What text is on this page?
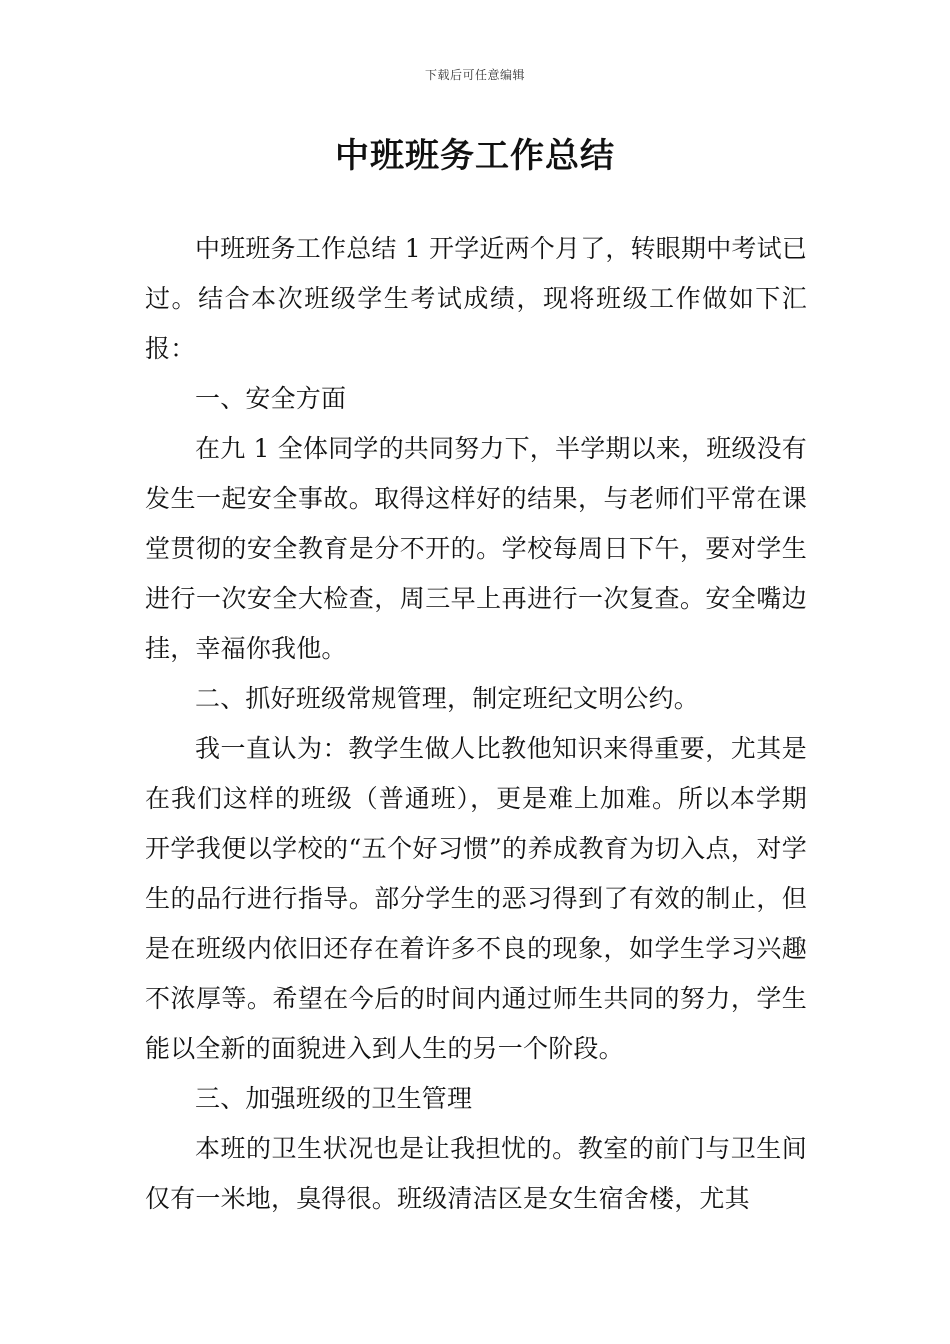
下载后可任意编辑
中班班务工作总结

中班班务工作总结 1 开学近两个月了，转眼期中考试已过。结合本次班级学生考试成绩，现将班级工作做如下汇报：

一、安全方面

在九 1 全体同学的共同努力下，半学期以来，班级没有发生一起安全事故。取得这样好的结果，与老师们平常在课堂贯彻的安全教育是分不开的。学校每周日下午，要对学生进行一次安全大检查，周三早上再进行一次复查。安全嘴边挂，幸福你我他。

二、抓好班级常规管理，制定班纪文明公约。

我一直认为：教学生做人比教他知识来得重要，尤其是在我们这样的班级（普通班），更是难上加难。所以本学期开学我便以学校的“五个好习惯”的养成教育为切入点，对学生的品行进行指导。部分学生的恶习得到了有效的制止，但是在班级内依旧还存在着许多不良的现象，如学生学习兴趣不浓厚等。希望在今后的时间内通过师生共同的努力，学生能以全新的面貌进入到人生的另一个阶段。

三、加强班级的卫生管理

本班的卫生状况也是让我担忧的。教室的前门与卫生间仅有一米地，臭得很。班级清洁区是女生宿舍楼，尤其
